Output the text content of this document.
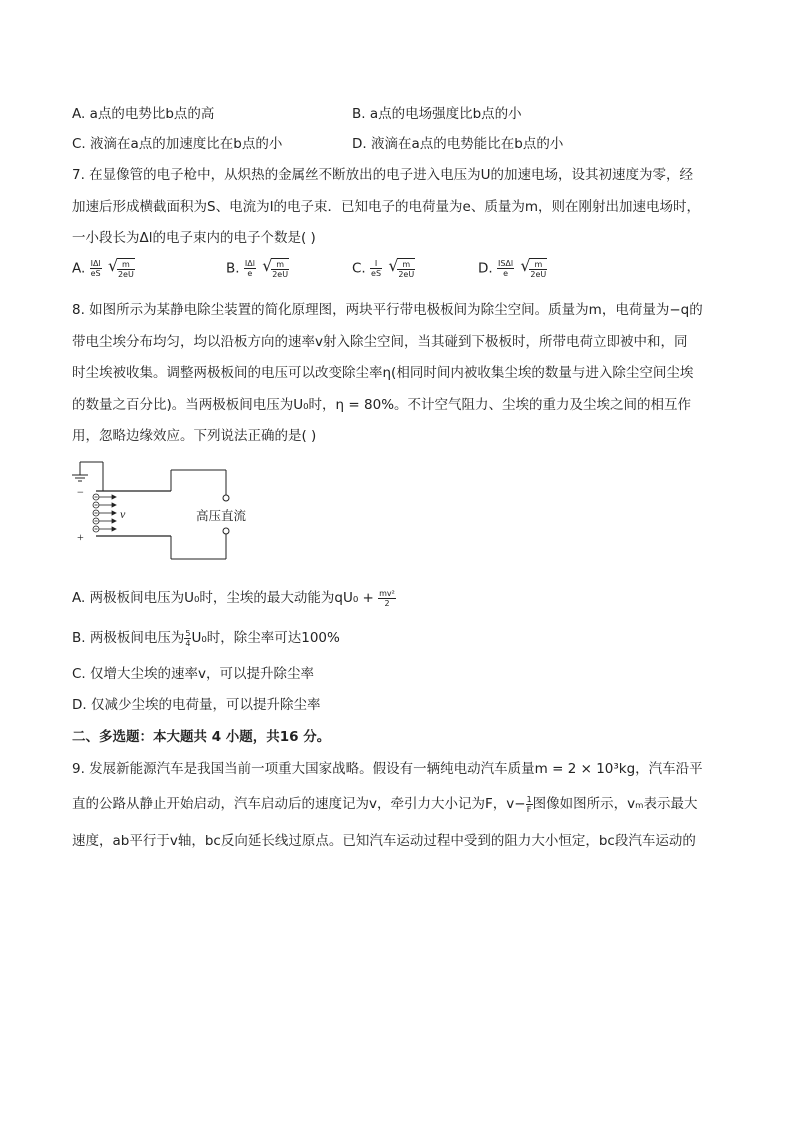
A. a点的电势比b点的高	B. a点的电场强度比b点的小
C. 液滴在a点的加速度比在b点的小	D. 液滴在a点的电势能比在b点的小
7. 在显像管的电子枪中，从炽热的金属丝不断放出的电子进入电压为U的加速电场，设其初速度为零，经
加速后形成横截面积为S、电流为I的电子束．已知电子的电荷量为e、质量为m，则在刚射出加速电场时，
一小段长为Δl的电子束内的电子个数是( )
A. $\frac{\text{IΔl}}{eS}$
√ $\frac{m}{2eU}$	B. $\frac{\text{IΔl}}{e}$
√ $\frac{m}{2eU}$	C. $\frac{I}{eS}$
√ $\frac{m}{2eU}$	D. $\frac{\text{ISΔl}}{e}$
√ $\frac{m}{2eU}$
8. 如图所示为某静电除尘装置的简化原理图，两块平行带电极板间为除尘空间。质量为m，电荷量为−q的
带电尘埃分布均匀，均以沿板方向的速率v射入除尘空间，当其碰到下极板时，所带电荷立即被中和，同
时尘埃被收集。调整两极板间的电压可以改变除尘率η(相同时间内被收集尘埃的数量与进入除尘空间尘埃
的数量之百分比)。当两极板间电压为U₀时，η = 80%。不计空气阻力、尘埃的重力及尘埃之间的相互作
用，忽略边缘效应。下列说法正确的是( )
−
+
v	高压直流
A. 两极板间电压为U₀时，尘埃的最大动能为$qU_0 + \frac{\text{mv²}}{2}$
B. 两极板间电压为 $\frac{5}{4} U_0$时，除尘率可达100%
C. 仅增大尘埃的速率v，可以提升除尘率
D. 仅减少尘埃的电荷量，可以提升除尘率
二、多选题：本大题共 4 小题，共16 分。
9. 发展新能源汽车是我国当前一项重大国家战略。假设有一辆纯电动汽车质量m = 2 × 10³kg，汽车沿平
直的公路从静止开始启动，汽车启动后的速度记为v，牵引力大小记为F，$v- \frac{1}{F}$ 图像如图所示，vₘ表示最大
速度，ab平行于v轴，bc反向延长线过原点。已知汽车运动过程中受到的阻力大小恒定，bc段汽车运动的
